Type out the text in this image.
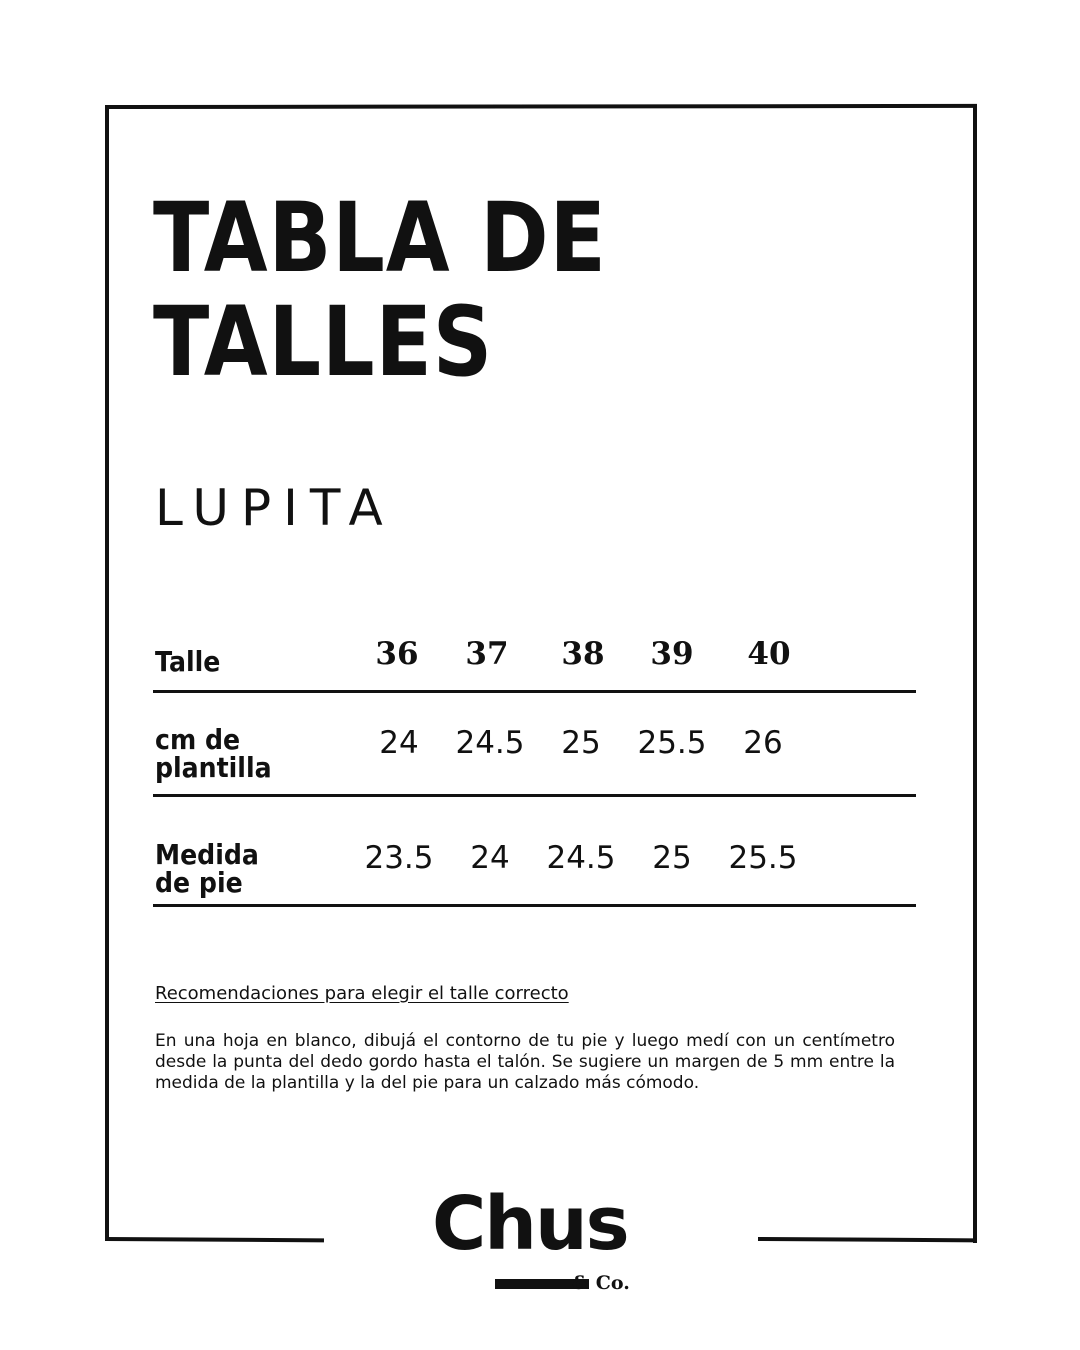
TABLA DE
TALLES
LUPITA
Talle	36	37	38	39	40
cm de
plantilla
24	24.5	25	25.5	26
Medida
de pie
23.5	24	24.5	25	25.5

Recomendaciones para elegir el talle correcto

En una hoja en blanco, dibujá el contorno de tu pie y luego medí con un centímetro desde la punta del dedo gordo hasta el talón. Se sugiere un margen de 5 mm entre la medida de la plantilla y la del pie para un calzado más cómodo.

Chus
& Co.
